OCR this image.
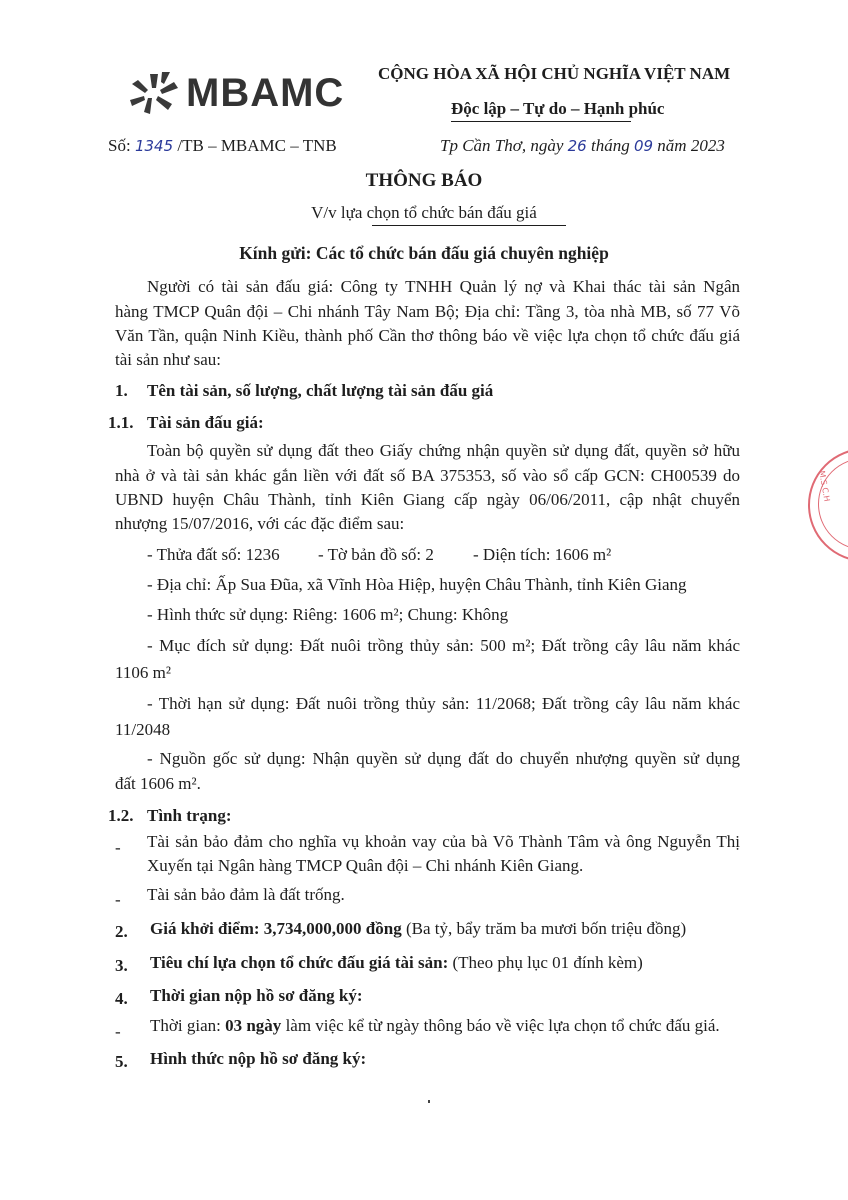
MBAMC CỘNG HÒA XÃ HỘI CHỦ NGHĨA VIỆT NAM
Độc lập – Tự do – Hạnh phúc
Số: 1345 /TB – MBAMC – TNB	Tp Cần Thơ, ngày 26 tháng 09 năm 2023
THÔNG BÁO
V/v lựa chọn tổ chức bán đấu giá
Kính gửi: Các tổ chức bán đấu giá chuyên nghiệp
Người có tài sản đấu giá: Công ty TNHH Quản lý nợ và Khai thác tài sản Ngân
hàng TMCP Quân đội – Chi nhánh Tây Nam Bộ; Địa chỉ: Tầng 3, tòa nhà MB, số 77 Võ
Văn Tần, quận Ninh Kiều, thành phố Cần thơ thông báo về việc lựa chọn tổ chức đấu giá
tài sản như sau:
1. Tên tài sản, số lượng, chất lượng tài sản đấu giá
1.1. Tài sản đấu giá:
Toàn bộ quyền sử dụng đất theo Giấy chứng nhận quyền sử dụng đất, quyền sở hữu
nhà ở và tài sản khác gắn liền với đất số BA 375353, số vào sổ cấp GCN: CH00539 do
UBND huyện Châu Thành, tỉnh Kiên Giang cấp ngày 06/06/2011, cập nhật chuyển
nhượng 15/07/2016, với các đặc điểm sau:
- Thửa đất số: 1236 - Tờ bản đồ số: 2 - Diện tích: 1606 m²
- Địa chỉ: Ấp Sua Đũa, xã Vĩnh Hòa Hiệp, huyện Châu Thành, tỉnh Kiên Giang
- Hình thức sử dụng: Riêng: 1606 m²; Chung: Không
- Mục đích sử dụng: Đất nuôi trồng thủy sản: 500 m²; Đất trồng cây lâu năm khác
1106 m²
- Thời hạn sử dụng: Đất nuôi trồng thủy sản: 11/2068; Đất trồng cây lâu năm khác
11/2048
- Nguồn gốc sử dụng: Nhận quyền sử dụng đất do chuyển nhượng quyền sử dụng
đất 1606 m².
1.2. Tình trạng:
- Tài sản bảo đảm cho nghĩa vụ khoản vay của bà Võ Thành Tâm và ông Nguyễn Thị
Xuyến tại Ngân hàng TMCP Quân đội – Chi nhánh Kiên Giang.
- Tài sản bảo đảm là đất trống.
2. Giá khởi điểm: 3,734,000,000 đồng (Ba tỷ, bẩy trăm ba mươi bốn triệu đồng)
3. Tiêu chí lựa chọn tổ chức đấu giá tài sản: (Theo phụ lục 01 đính kèm)
4. Thời gian nộp hồ sơ đăng ký:
- Thời gian: 03 ngày làm việc kể từ ngày thông báo về việc lựa chọn tổ chức đấu giá.
5. Hình thức nộp hồ sơ đăng ký:
M.S.C.H
